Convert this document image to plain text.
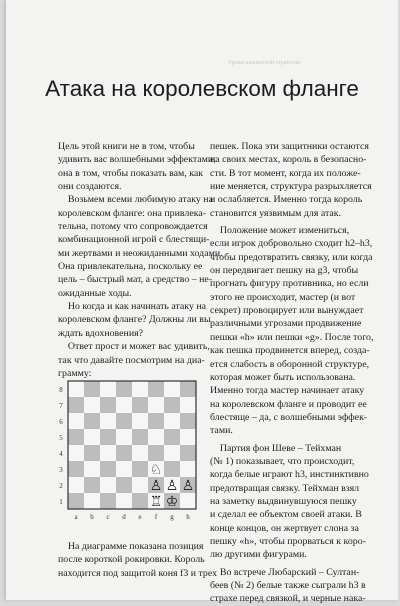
Уроки шахматной стратегии
Атака на королевском фланге
Цель этой книги не в том, чтобы
удивить вас волшебными эффектами;
она в том, чтобы показать вам, как
они создаются.
Возьмем всеми любимую атаку на
королевском фланге: она привлека-
тельна, потому что сопровождается
комбинационной игрой с блестящи-
ми жертвами и неожиданными ходами.
Она привлекательна, поскольку ее
цель – быстрый мат, а средство – не-
ожиданные ходы.
Но когда и как начинать атаку на
королевском фланге? Должны ли вы
ждать вдохновения?
Ответ прост и может вас удивить,
так что давайте посмотрим на диа-
грамму:
8
7
6
5
4
3
2
1
a b c d e f g h
♘
♙ ♙ ♙
♖ ♔
На диаграмме показана позиция
после короткой рокировки. Король
находится под защитой коня f3 и трех
пешек. Пока эти защитники остаются
на своих местах, король в безопасно-
сти. В тот момент, когда их положе-
ние меняется, структура разрыхляется
и ослабляется. Именно тогда король
становится уязвимым для атак.
Положение может измениться,
если игрок добровольно сходит h2–h3,
чтобы предотвратить связку, или когда
он передвигает пешку на g3, чтобы
прогнать фигуру противника, но если
этого не происходит, мастер (и вот
секрет) провоцирует или вынуждает
различными угрозами продвижение
пешки «h» или пешки «g». После того,
как пешка продвинется вперед, созда-
ется слабость в оборонной структуре,
которая может быть использована.
Именно тогда мастер начинает атаку
на королевском фланге и проводит ее
блестяще – да, с волшебными эффек-
тами.
Партия фон Шеве – Тейхман
(№ 1) показывает, что происходит,
когда белые играют h3, инстинктивно
предотвращая связку. Тейхман взял
на заметку выдвинувшуюся пешку
и сделал ее объектом своей атаки. В
конце концов, он жертвует слона за
пешку «h», чтобы прорваться к коро-
лю другими фигурами.
Во встрече Любарский – Султан-
беев (№ 2) белые также сыграли h3 в
страхе перед связкой, и черные нака-
